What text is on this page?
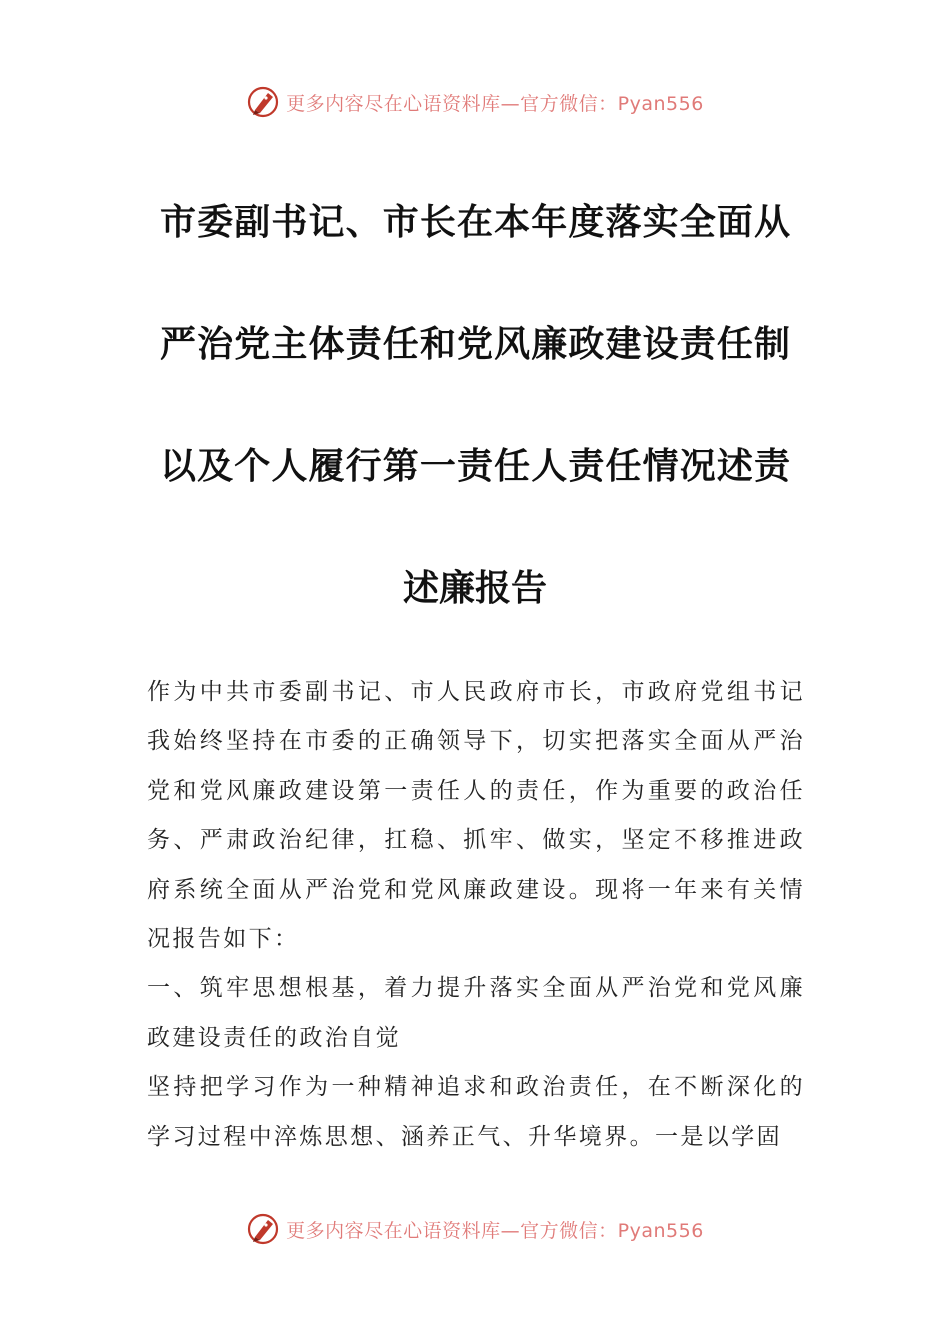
更多内容尽在心语资料库—官方微信：Pyan556
市委副书记、市长在本年度落实全面从严治党主体责任和党风廉政建设责任制以及个人履行第一责任人责任情况述责述廉报告

作为中共市委副书记、市人民政府市长，市政府党组书记我始终坚持在市委的正确领导下，切实把落实全面从严治党和党风廉政建设第一责任人的责任，作为重要的政治任务、严肃政治纪律，扛稳、抓牢、做实，坚定不移推进政府系统全面从严治党和党风廉政建设。现将一年来有关情况报告如下：

一、筑牢思想根基，着力提升落实全面从严治党和党风廉政建设责任的政治自觉

坚持把学习作为一种精神追求和政治责任，在不断深化的学习过程中淬炼思想、涵养正气、升华境界。一是以学固

更多内容尽在心语资料库—官方微信：Pyan556
